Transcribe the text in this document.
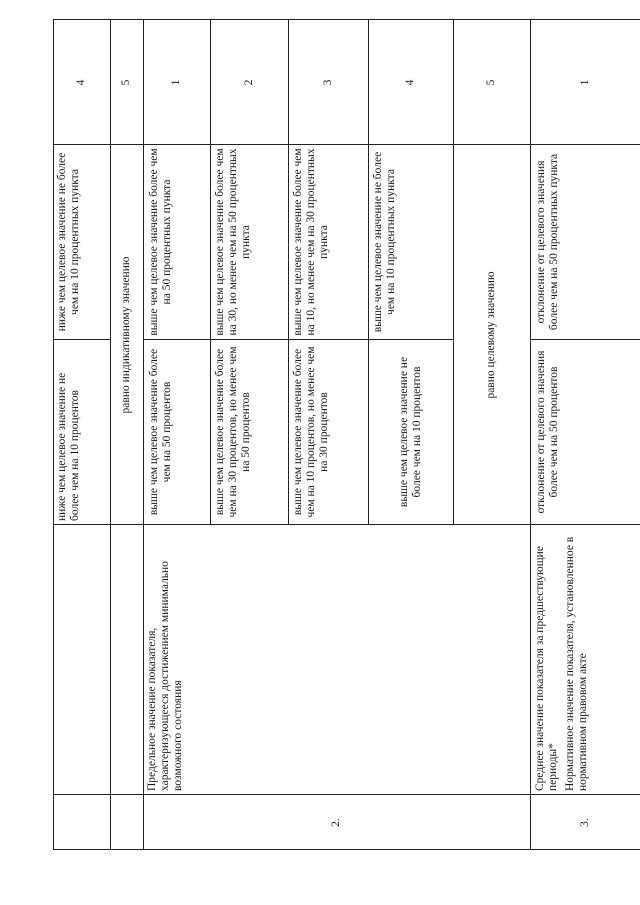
ниже чем целевое значение не более чем на 10 процентов
ниже чем целевое значение не более чем на 10 процентных пункта
4
равно индикативному значению
5
2.
Предельное значение показателя, характеризующееся достижением минимально возможного состояния
выше чем целевое значение более чем на 50 процентов
выше чем целевое значение более чем на 50 процентных пункта
1
выше чем целевое значение более чем на 30 процентов, но менее чем на 50 процентов
выше чем целевое значение более чем на 30, но менее чем на 50 процентных пункта
2
выше чем целевое значение более чем на 10 процентов, но менее чем на 30 процентов
выше чем целевое значение более чем на 10, но менее чем на 30 процентных пункта
3
выше чем целевое значение не более чем на 10 процентов
выше чем целевое значение не более чем на 10 процентных пункта
4
равно целевому значению
5
3.
Среднее значение показателя за предшествующие периоды* Нормативное значение показателя, установленное в нормативном правовом акте
отклонение от целевого значения более чем на 50 процентов
отклонение от целевого значения более чем на 50 процентных пункта
1
